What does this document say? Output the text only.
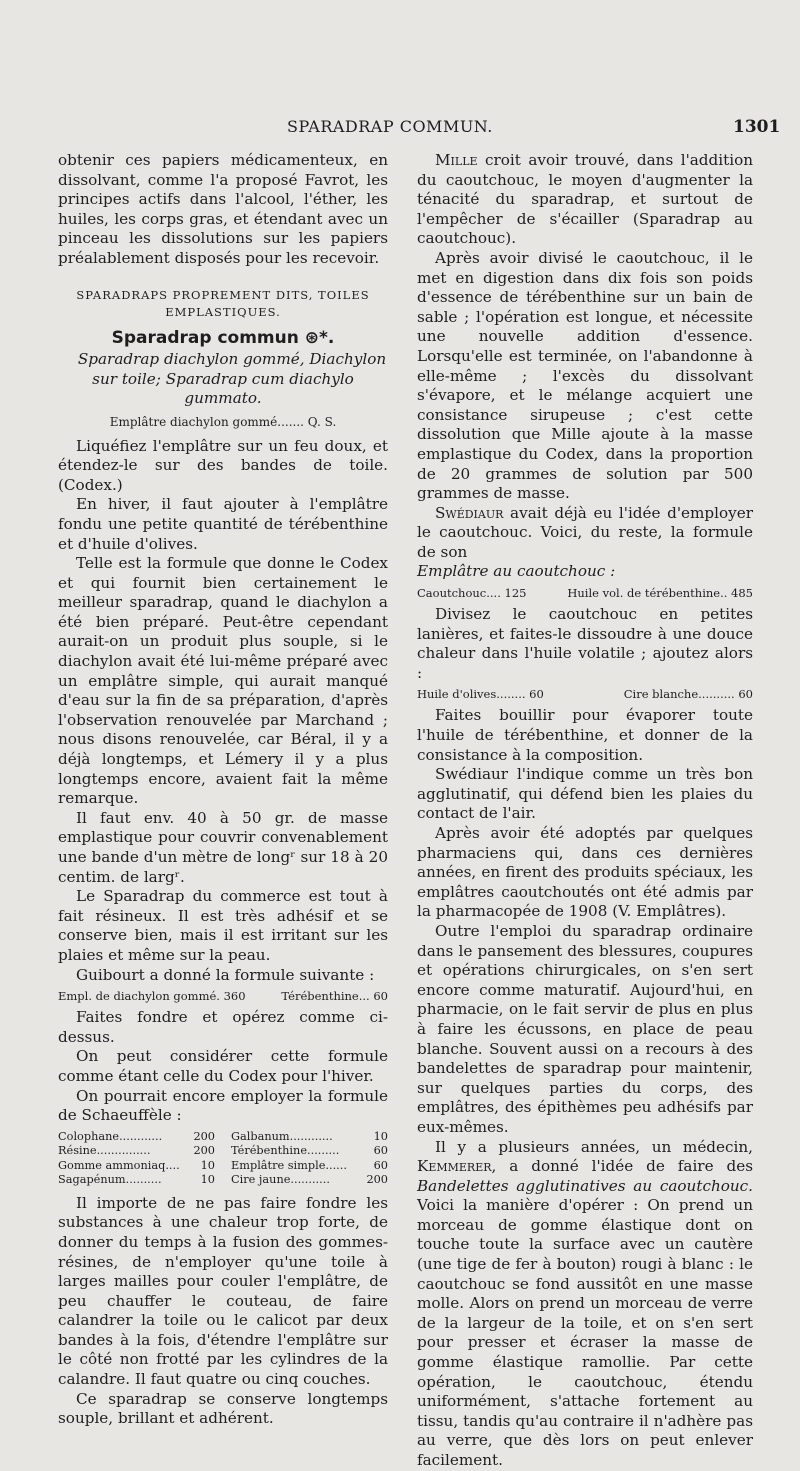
SPARADRAP COMMUN.	1301

obtenir ces papiers médicamenteux, en dissolvant, comme l'a proposé Favrot, les principes actifs dans l'alcool, l'éther, les huiles, les corps gras, et étendant avec un pinceau les dissolutions sur les papiers préalablement disposés pour les recevoir.

SPARADRAPS PROPREMENT DITS, TOILES EMPLASTIQUES.
Sparadrap commun ⊛*.

Sparadrap diachylon gommé, Diachylon sur toile; Sparadrap cum diachylo gummato.

Emplâtre diachylon gommé....... Q. S.

Liquéfiez l'emplâtre sur un feu doux, et étendez-le sur des bandes de toile. (Codex.)

En hiver, il faut ajouter à l'emplâtre fondu une petite quantité de térébenthine et d'huile d'olives.

Telle est la formule que donne le Codex et qui fournit bien certainement le meilleur sparadrap, quand le diachylon a été bien préparé. Peut-être cependant aurait-on un produit plus souple, si le diachylon avait été lui-même préparé avec un emplâtre simple, qui aurait manqué d'eau sur la fin de sa préparation, d'après l'observation renouvelée par Marchand ; nous disons renouvelée, car Béral, il y a déjà longtemps, et Lémery il y a plus longtemps encore, avaient fait la même remarque.

Il faut env. 40 à 50 gr. de masse emplastique pour couvrir convenablement une bande d'un mètre de longʳ sur 18 à 20 centim. de largʳ.

Le Sparadrap du commerce est tout à fait résineux. Il est très adhésif et se conserve bien, mais il est irritant sur les plaies et même sur la peau.

Guibourt a donné la formule suivante :

Empl. de diachylon gommé. 360	Térébenthine... 60

Faites fondre et opérez comme ci-dessus.

On peut considérer cette formule comme étant celle du Codex pour l'hiver.

On pourrait encore employer la formule de Schaeuffèle :

Colophane............	200 Galbanum............	10
Résine...............	200 Térébenthine.........	60
Gomme ammoniaq.... 10 Emplâtre simple...... 60
Sagapénum..........	10 Cire jaune...........	200

Il importe de ne pas faire fondre les substances à une chaleur trop forte, de donner du temps à la fusion des gommes-résines, de n'employer qu'une toile à larges mailles pour couler l'emplâtre, de peu chauffer le couteau, de faire calandrer la toile ou le calicot par deux bandes à la fois, d'étendre l'emplâtre sur le côté non frotté par les cylindres de la calandre. Il faut quatre ou cinq couches.

Ce sparadrap se conserve longtemps souple, brillant et adhérent.

Mille croit avoir trouvé, dans l'addition du caoutchouc, le moyen d'augmenter la ténacité du sparadrap, et surtout de l'empêcher de s'écailler (Sparadrap au caoutchouc).

Après avoir divisé le caoutchouc, il le met en digestion dans dix fois son poids d'essence de térébenthine sur un bain de sable ; l'opération est longue, et nécessite une nouvelle addition d'essence. Lorsqu'elle est terminée, on l'abandonne à elle-même ; l'excès du dissolvant s'évapore, et le mélange acquiert une consistance sirupeuse ; c'est cette dissolution que Mille ajoute à la masse emplastique du Codex, dans la proportion de 20 grammes de solution par 500 grammes de masse.

Swédiaur avait déjà eu l'idée d'employer le caoutchouc. Voici, du reste, la formule de son
Emplâtre au caoutchouc :

Caoutchouc.... 125	Huile vol. de térébenthine.. 485

Divisez le caoutchouc en petites lanières, et faites-le dissoudre à une douce chaleur dans l'huile volatile ; ajoutez alors :

Huile d'olives........ 60	Cire blanche.......... 60

Faites bouillir pour évaporer toute l'huile de térébenthine, et donner de la consistance à la composition.

Swédiaur l'indique comme un très bon agglutinatif, qui défend bien les plaies du contact de l'air.

Après avoir été adoptés par quelques pharmaciens qui, dans ces dernières années, en firent des produits spéciaux, les emplâtres caoutchoutés ont été admis par la pharmacopée de 1908 (V. Emplâtres).

Outre l'emploi du sparadrap ordinaire dans le pansement des blessures, coupures et opérations chirurgicales, on s'en sert encore comme maturatif. Aujourd'hui, en pharmacie, on le fait servir de plus en plus à faire les écussons, en place de peau blanche. Souvent aussi on a recours à des bandelettes de sparadrap pour maintenir, sur quelques parties du corps, des emplâtres, des épithèmes peu adhésifs par eux-mêmes.

Il y a plusieurs années, un médecin, Kemmerer, a donné l'idée de faire des Bandelettes agglutinatives au caoutchouc. Voici la manière d'opérer : On prend un morceau de gomme élastique dont on touche toute la surface avec un cautère (une tige de fer à bouton) rougi à blanc : le caoutchouc se fond aussitôt en une masse molle. Alors on prend un morceau de verre de la largeur de la toile, et on s'en sert pour presser et écraser la masse de gomme élastique ramollie. Par cette opération, le caoutchouc, étendu uniformément, s'attache fortement au tissu, tandis qu'au contraire il n'adhère pas au verre, que dès lors on peut enlever facilement.
